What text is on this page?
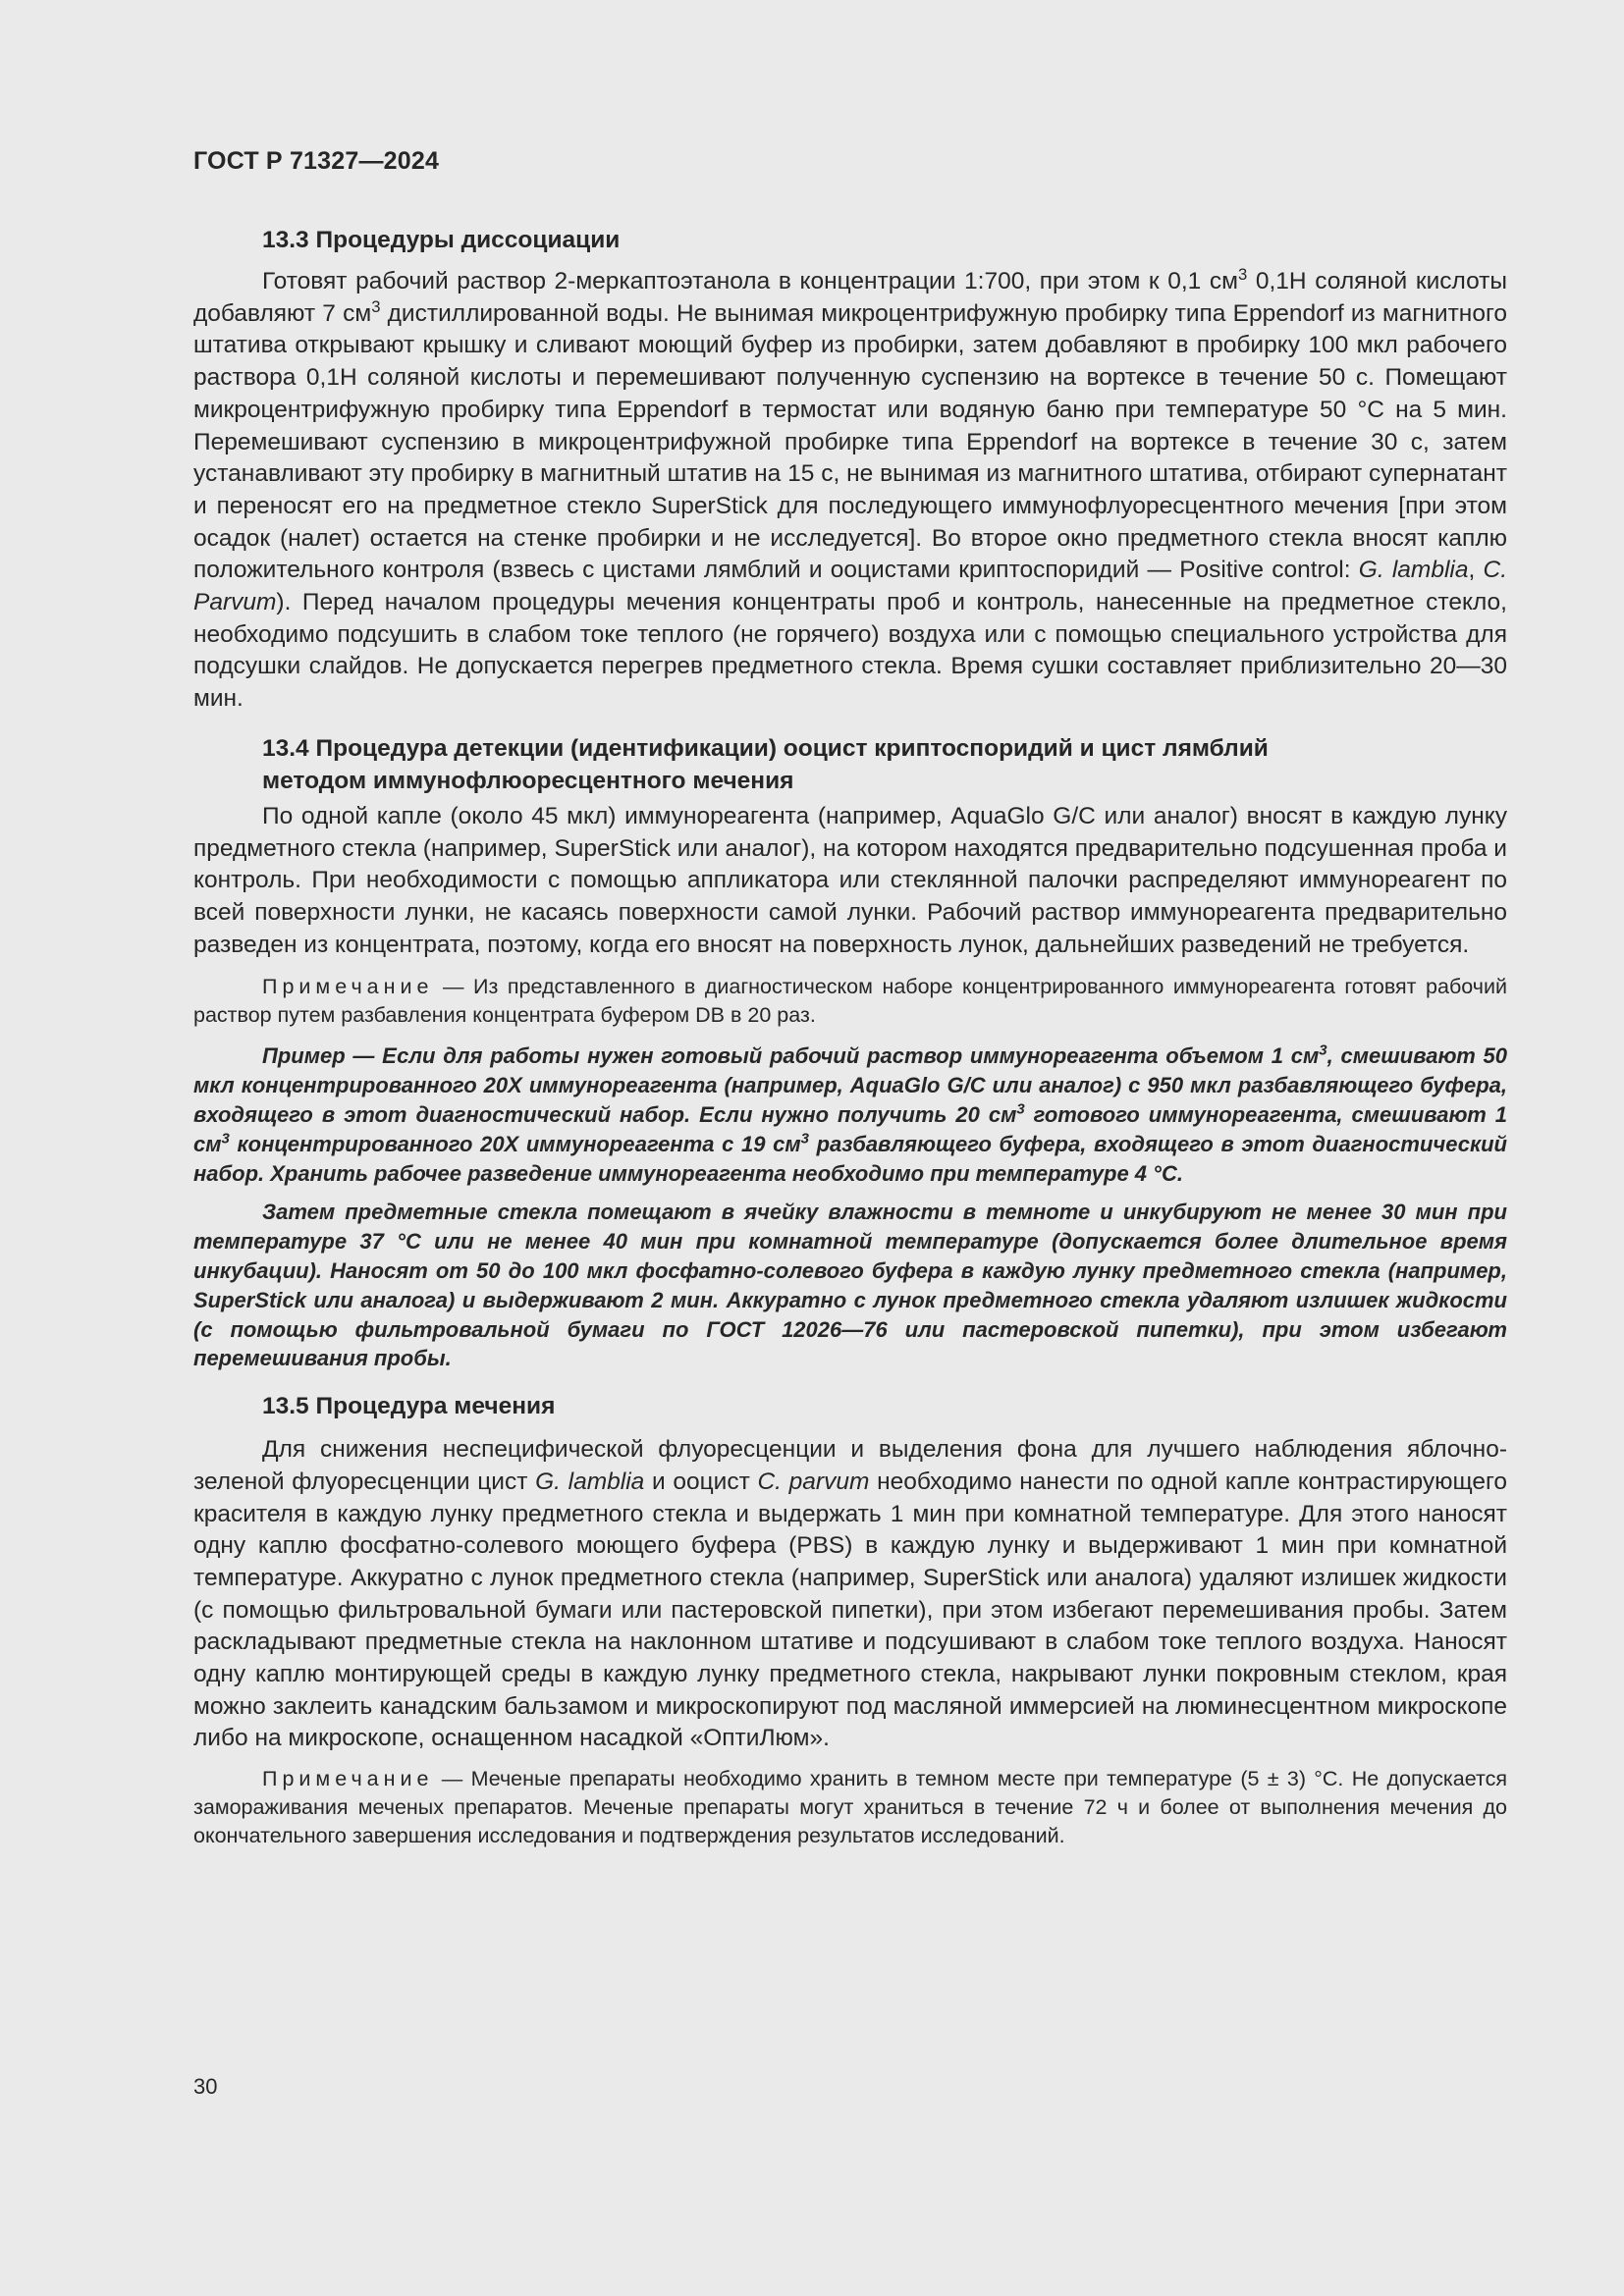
ГОСТ Р 71327—2024

13.3 Процедуры диссоциации

Готовят рабочий раствор 2-меркаптоэтанола в концентрации 1:700, при этом к 0,1 $см^3$ 0,1Н соляной кислоты добавляют 7 $см^3$ дистиллированной воды. Не вынимая микроцентрифужную пробирку типа Eppendorf из магнитного штатива открывают крышку и сливают моющий буфер из пробирки, затем добавляют в пробирку 100 мкл рабочего раствора 0,1Н соляной кислоты и перемешивают полученную суспензию на вортексе в течение 50 с. Помещают микроцентрифужную пробирку типа Eppendorf в термостат или водяную баню при температуре 50 °С на 5 мин. Перемешивают суспензию в микроцентрифужной пробирке типа Eppendorf на вортексе в течение 30 с, затем устанавливают эту пробирку в магнитный штатив на 15 с, не вынимая из магнитного штатива, отбирают супернатант и переносят его на предметное стекло SuperStick для последующего иммунофлуоресцентного мечения [при этом осадок (налет) остается на стенке пробирки и не исследуется]. Во второе окно предметного стекла вносят каплю положительного контроля (взвесь с цистами лямблий и ооцистами криптоспоридий — Positive control: G. lamblia, C. Parvum). Перед началом процедуры мечения концентраты проб и контроль, нанесенные на предметное стекло, необходимо подсушить в слабом токе теплого (не горячего) воздуха или с помощью специального устройства для подсушки слайдов. Не допускается перегрев предметного стекла. Время сушки составляет приблизительно 20—30 мин.

13.4 Процедура детекции (идентификации) ооцист криптоспоридий и цист лямблий

методом иммунофлюоресцентного мечения

По одной капле (около 45 мкл) иммунореагента (например, AquaGlo G/C или аналог) вносят в каждую лунку предметного стекла (например, SuperStick или аналог), на котором находятся предварительно подсушенная проба и контроль. При необходимости с помощью аппликатора или стеклянной палочки распределяют иммунореагент по всей поверхности лунки, не касаясь поверхности самой лунки. Рабочий раствор иммунореагента предварительно разведен из концентрата, поэтому, когда его вносят на поверхность лунок, дальнейших разведений не требуется.

Примечание — Из представленного в диагностическом наборе концентрированного иммунореагента готовят рабочий раствор путем разбавления концентрата буфером DB в 20 раз.

Пример — Если для работы нужен готовый рабочий раствор иммунореагента объемом 1 $см^3$, смешивают 50 мкл концентрированного 20Х иммунореагента (например, AquaGlo G/C или аналог) с 950 мкл разбавляющего буфера, входящего в этот диагностический набор. Если нужно получить 20 $см^3$ готового иммунореагента, смешивают 1 $см^3$ концентрированного 20Х иммунореагента с 19 $см^3$ разбавляющего буфера, входящего в этот диагностический набор. Хранить рабочее разведение иммунореагента необходимо при температуре 4 °С.

Затем предметные стекла помещают в ячейку влажности в темноте и инкубируют не менее 30 мин при температуре 37 °С или не менее 40 мин при комнатной температуре (допускается более длительное время инкубации). Наносят от 50 до 100 мкл фосфатно-солевого буфера в каждую лунку предметного стекла (например, SuperStick или аналога) и выдерживают 2 мин. Аккуратно с лунок предметного стекла удаляют излишек жидкости (с помощью фильтровальной бумаги по ГОСТ 12026—76 или пастеровской пипетки), при этом избегают перемешивания пробы.

13.5 Процедура мечения

Для снижения неспецифической флуоресценции и выделения фона для лучшего наблюдения яблочно-зеленой флуоресценции цист G. lamblia и ооцист C. parvum необходимо нанести по одной капле контрастирующего красителя в каждую лунку предметного стекла и выдержать 1 мин при комнатной температуре. Для этого наносят одну каплю фосфатно-солевого моющего буфера (PBS) в каждую лунку и выдерживают 1 мин при комнатной температуре. Аккуратно с лунок предметного стекла (например, SuperStick или аналога) удаляют излишек жидкости (с помощью фильтровальной бумаги или пастеровской пипетки), при этом избегают перемешивания пробы. Затем раскладывают предметные стекла на наклонном штативе и подсушивают в слабом токе теплого воздуха. Наносят одну каплю монтирующей среды в каждую лунку предметного стекла, накрывают лунки покровным стеклом, края можно заклеить канадским бальзамом и микроскопируют под масляной иммерсией на люминесцентном микроскопе либо на микроскопе, оснащенном насадкой «ОптиЛюм».

Примечание — Меченые препараты необходимо хранить в темном месте при температуре (5 ± 3) °С. Не допускается замораживания меченых препаратов. Меченые препараты могут храниться в течение 72 ч и более от выполнения мечения до окончательного завершения исследования и подтверждения результатов исследований.

30
